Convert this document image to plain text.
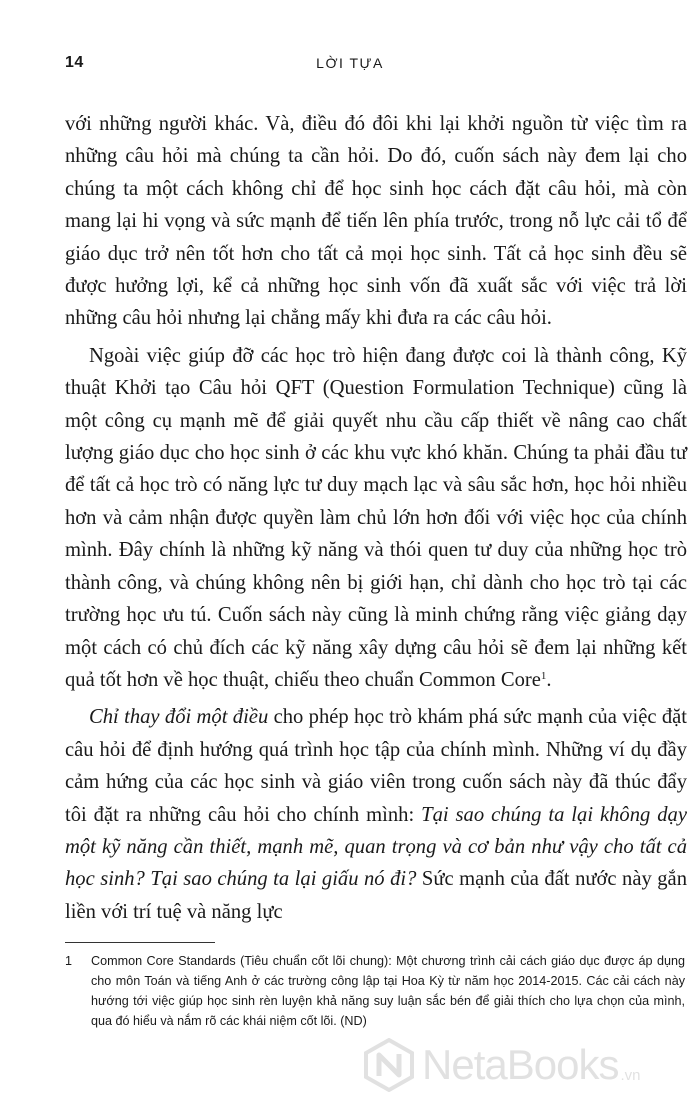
14	LỜI TỰA

với những người khác. Và, điều đó đôi khi lại khởi nguồn từ việc tìm ra những câu hỏi mà chúng ta cần hỏi. Do đó, cuốn sách này đem lại cho chúng ta một cách không chỉ để học sinh học cách đặt câu hỏi, mà còn mang lại hi vọng và sức mạnh để tiến lên phía trước, trong nỗ lực cải tổ để giáo dục trở nên tốt hơn cho tất cả mọi học sinh. Tất cả học sinh đều sẽ được hưởng lợi, kể cả những học sinh vốn đã xuất sắc với việc trả lời những câu hỏi nhưng lại chẳng mấy khi đưa ra các câu hỏi.

Ngoài việc giúp đỡ các học trò hiện đang được coi là thành công, Kỹ thuật Khởi tạo Câu hỏi QFT (Question Formulation Technique) cũng là một công cụ mạnh mẽ để giải quyết nhu cầu cấp thiết về nâng cao chất lượng giáo dục cho học sinh ở các khu vực khó khăn. Chúng ta phải đầu tư để tất cả học trò có năng lực tư duy mạch lạc và sâu sắc hơn, học hỏi nhiều hơn và cảm nhận được quyền làm chủ lớn hơn đối với việc học của chính mình. Đây chính là những kỹ năng và thói quen tư duy của những học trò thành công, và chúng không nên bị giới hạn, chỉ dành cho học trò tại các trường học ưu tú. Cuốn sách này cũng là minh chứng rằng việc giảng dạy một cách có chủ đích các kỹ năng xây dựng câu hỏi sẽ đem lại những kết quả tốt hơn về học thuật, chiếu theo chuẩn Common Core$^1$.

Chỉ thay đổi một điều cho phép học trò khám phá sức mạnh của việc đặt câu hỏi để định hướng quá trình học tập của chính mình. Những ví dụ đầy cảm hứng của các học sinh và giáo viên trong cuốn sách này đã thúc đẩy tôi đặt ra những câu hỏi cho chính mình: Tại sao chúng ta lại không dạy một kỹ năng cần thiết, mạnh mẽ, quan trọng và cơ bản như vậy cho tất cả học sinh? Tại sao chúng ta lại giấu nó đi? Sức mạnh của đất nước này gắn liền với trí tuệ và năng lực

1	Common Core Standards (Tiêu chuẩn cốt lõi chung): Một chương trình cải cách giáo dục được áp dụng cho môn Toán và tiếng Anh ở các trường công lập tại Hoa Kỳ từ năm học 2014-2015. Các cải cách này hướng tới việc giúp học sinh rèn luyện khả năng suy luận sắc bén để giải thích cho lựa chọn của mình, qua đó hiểu và nắm rõ các khái niệm cốt lõi. (ND)
NetaBooks .vn
